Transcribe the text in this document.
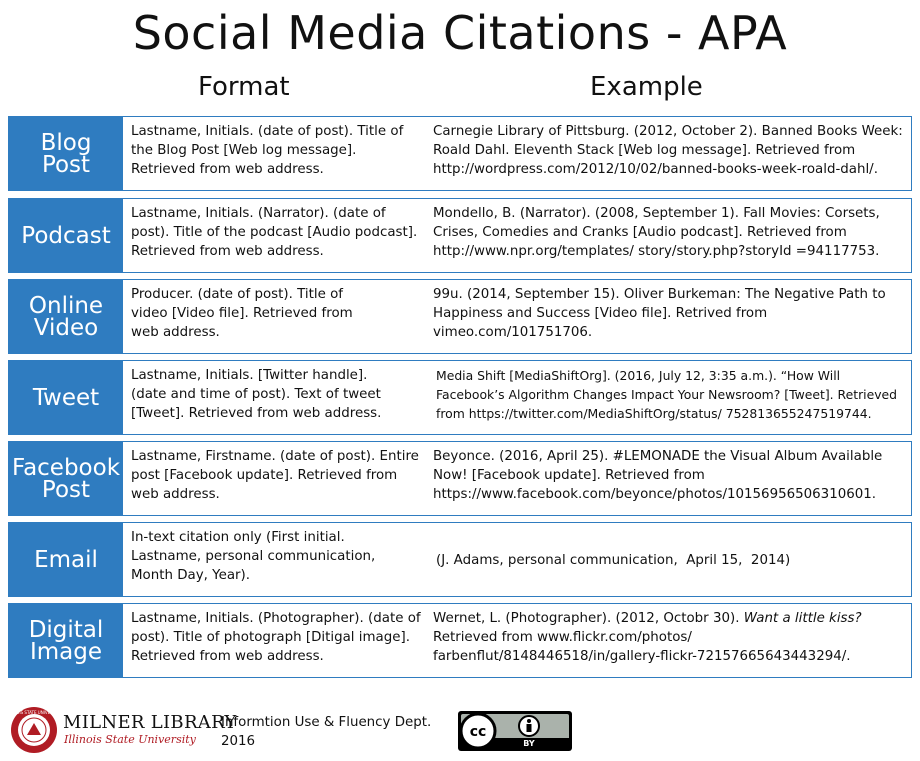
Social Media Citations - APA
Format	Example
Blog
Post
Lastname, Initials. (date of post). Title of the Blog Post [Web log message]. Retrieved from web address.
Carnegie Library of Pittsburg. (2012, October 2). Banned Books Week: Roald Dahl. Eleventh Stack [Web log message]. Retrieved from http://wordpress.com/2012/10/02/banned-books-week-roald-dahl/.
Podcast
Lastname, Initials. (Narrator). (date of post). Title of the podcast [Audio podcast]. Retrieved from web address.
Mondello, B. (Narrator). (2008, September 1). Fall Movies: Corsets, Crises, Comedies and Cranks [Audio podcast]. Retrieved from http://www.npr.org/templates/ story/story.php?storyId =94117753.
Online
Video
Producer. (date of post). Title of video [Video file]. Retrieved from web address.
99u. (2014, September 15). Oliver Burkeman: The Negative Path to Happiness and Success [Video file]. Retrived from vimeo.com/101751706.
Tweet
Lastname, Initials. [Twitter handle]. (date and time of post). Text of tweet [Tweet]. Retrieved from web address.
Media Shift [MediaShiftOrg]. (2016, July 12, 3:35 a.m.). “How Will Facebook’s Algorithm Changes Impact Your Newsroom? [Tweet]. Retrieved from https://twitter.com/MediaShiftOrg/status/ 752813655247519744.
Facebook
Post
Lastname, Firstname. (date of post). Entire post [Facebook update]. Retrieved from web address.
Beyonce. (2016, April 25). #LEMONADE the Visual Album Available Now! [Facebook update]. Retrieved from https://www.facebook.com/beyonce/photos/10156956506310601.
Email
In-text citation only (First initial. Lastname, personal communication, Month Day, Year).
(J. Adams, personal communication,  April 15,  2014)
Digital
Image
Lastname, Initials. (Photographer). (date of post). Title of photograph [Ditigal image]. Retrieved from web address.
Wernet, L. (Photographer). (2012, Octobr 30). Want a little kiss? Retrieved from www.flickr.com/photos/ farbenflut/8148446518/in/gallery-flickr-72157665643443294/.
ILLINOIS STATE UNIVERSITY MILNER LIBRARY
Illinois State University
Informtion Use & Fluency Dept.
2016
cc
BY
